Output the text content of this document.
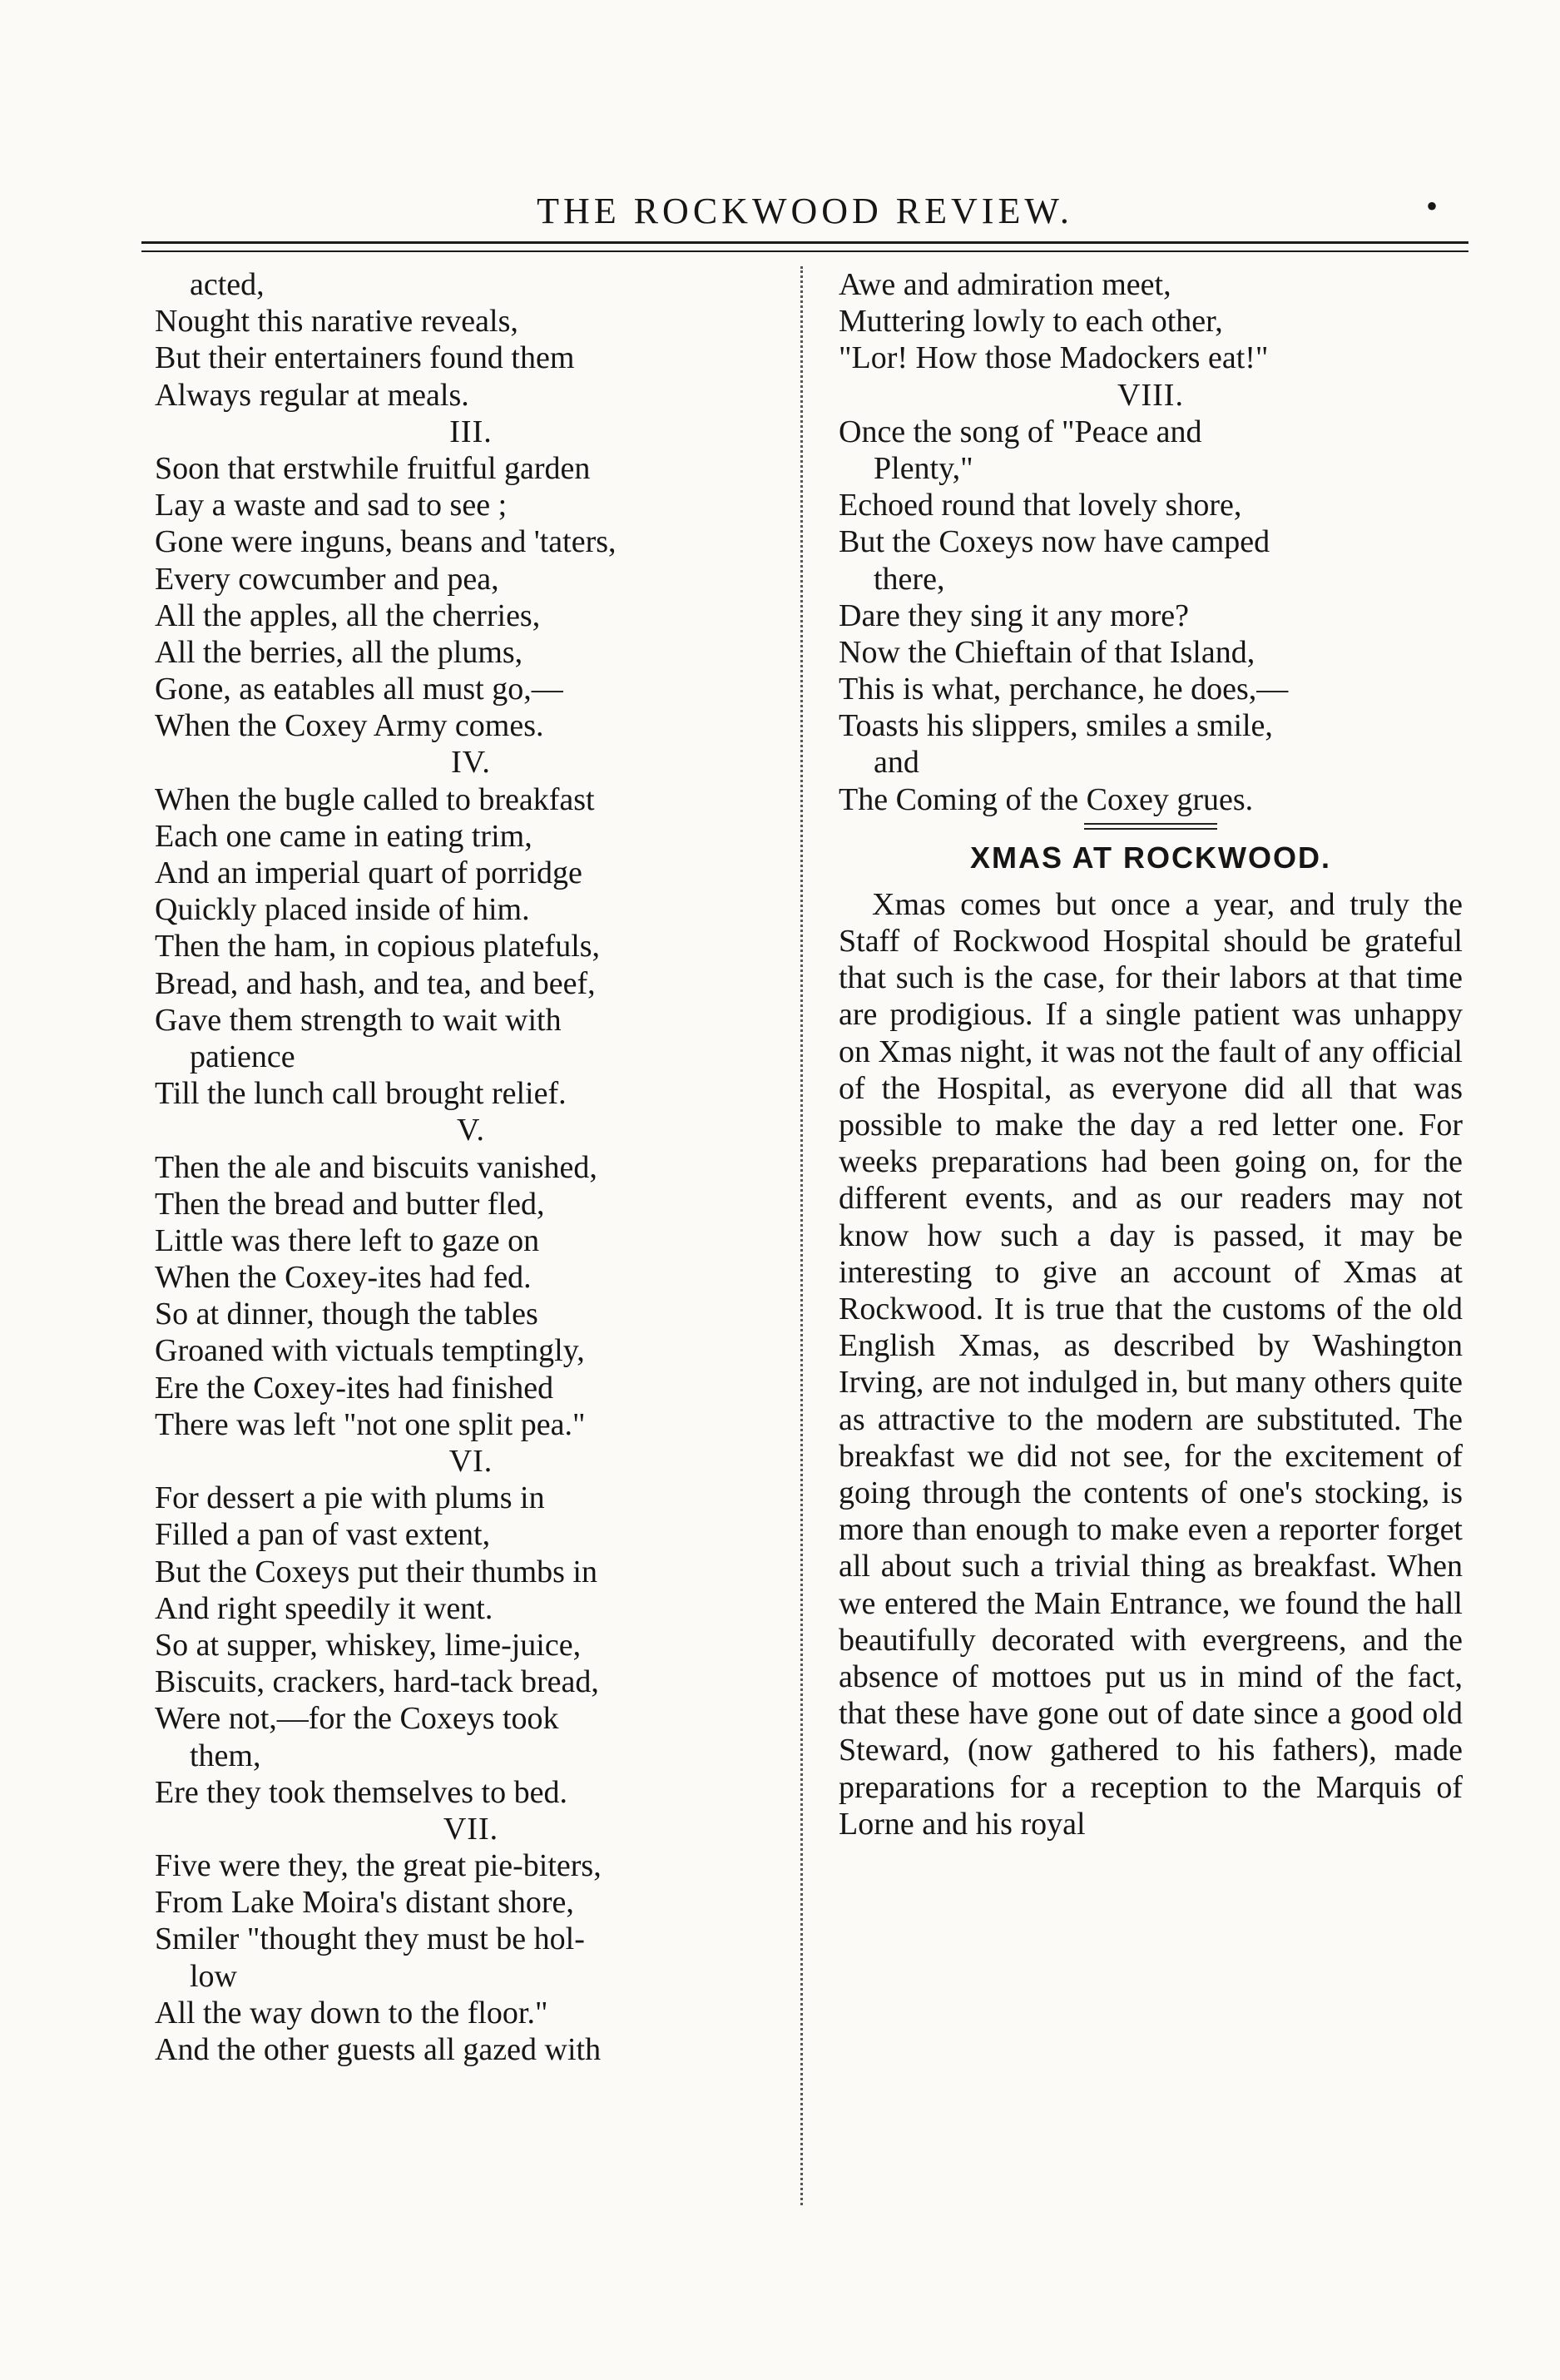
THE ROCKWOOD REVIEW.	•
acted,
Nought this narative reveals,
But their entertainers found them
Always regular at meals.
III.
Soon that erstwhile fruitful garden
Lay a waste and sad to see ;
Gone were inguns, beans and 'taters,
Every cowcumber and pea,
All the apples, all the cherries,
All the berries, all the plums,
Gone, as eatables all must go,—
When the Coxey Army comes.
IV.
When the bugle called to breakfast
Each one came in eating trim,
And an imperial quart of porridge
Quickly placed inside of him.
Then the ham, in copious platefuls,
Bread, and hash, and tea, and beef,
Gave them strength to wait with
patience
Till the lunch call brought relief.
V.
Then the ale and biscuits vanished,
Then the bread and butter fled,
Little was there left to gaze on
When the Coxey-ites had fed.
So at dinner, though the tables
Groaned with victuals temptingly,
Ere the Coxey-ites had finished
There was left "not one split pea."
VI.
For dessert a pie with plums in
Filled a pan of vast extent,
But the Coxeys put their thumbs in
And right speedily it went.
So at supper, whiskey, lime-juice,
Biscuits, crackers, hard-tack bread,
Were not,—for the Coxeys took
them,
Ere they took themselves to bed.
VII.
Five were they, the great pie-biters,
From Lake Moira's distant shore,
Smiler "thought they must be hol-
low
All the way down to the floor."
And the other guests all gazed with
Awe and admiration meet,
Muttering lowly to each other,
"Lor! How those Madockers eat!"
VIII.
Once the song of "Peace and
Plenty,"
Echoed round that lovely shore,
But the Coxeys now have camped
there,
Dare they sing it any more?
Now the Chieftain of that Island,
This is what, perchance, he does,—
Toasts his slippers, smiles a smile,
and
The Coming of the Coxey grues.
XMAS AT ROCKWOOD.
Xmas comes but once a year, and truly the Staff of Rockwood Hospital should be grateful that such is the case, for their labors at that time are prodigious. If a single patient was unhappy on Xmas night, it was not the fault of any official of the Hospital, as everyone did all that was possible to make the day a red letter one. For weeks preparations had been going on, for the different events, and as our readers may not know how such a day is passed, it may be interesting to give an account of Xmas at Rockwood. It is true that the customs of the old English Xmas, as described by Washington Irving, are not indulged in, but many others quite as attractive to the modern are substituted. The breakfast we did not see, for the excitement of going through the contents of one's stocking, is more than enough to make even a reporter forget all about such a trivial thing as breakfast. When we entered the Main Entrance, we found the hall beautifully decorated with evergreens, and the absence of mottoes put us in mind of the fact, that these have gone out of date since a good old Steward, (now gathered to his fathers), made preparations for a reception to the Marquis of Lorne and his royal
